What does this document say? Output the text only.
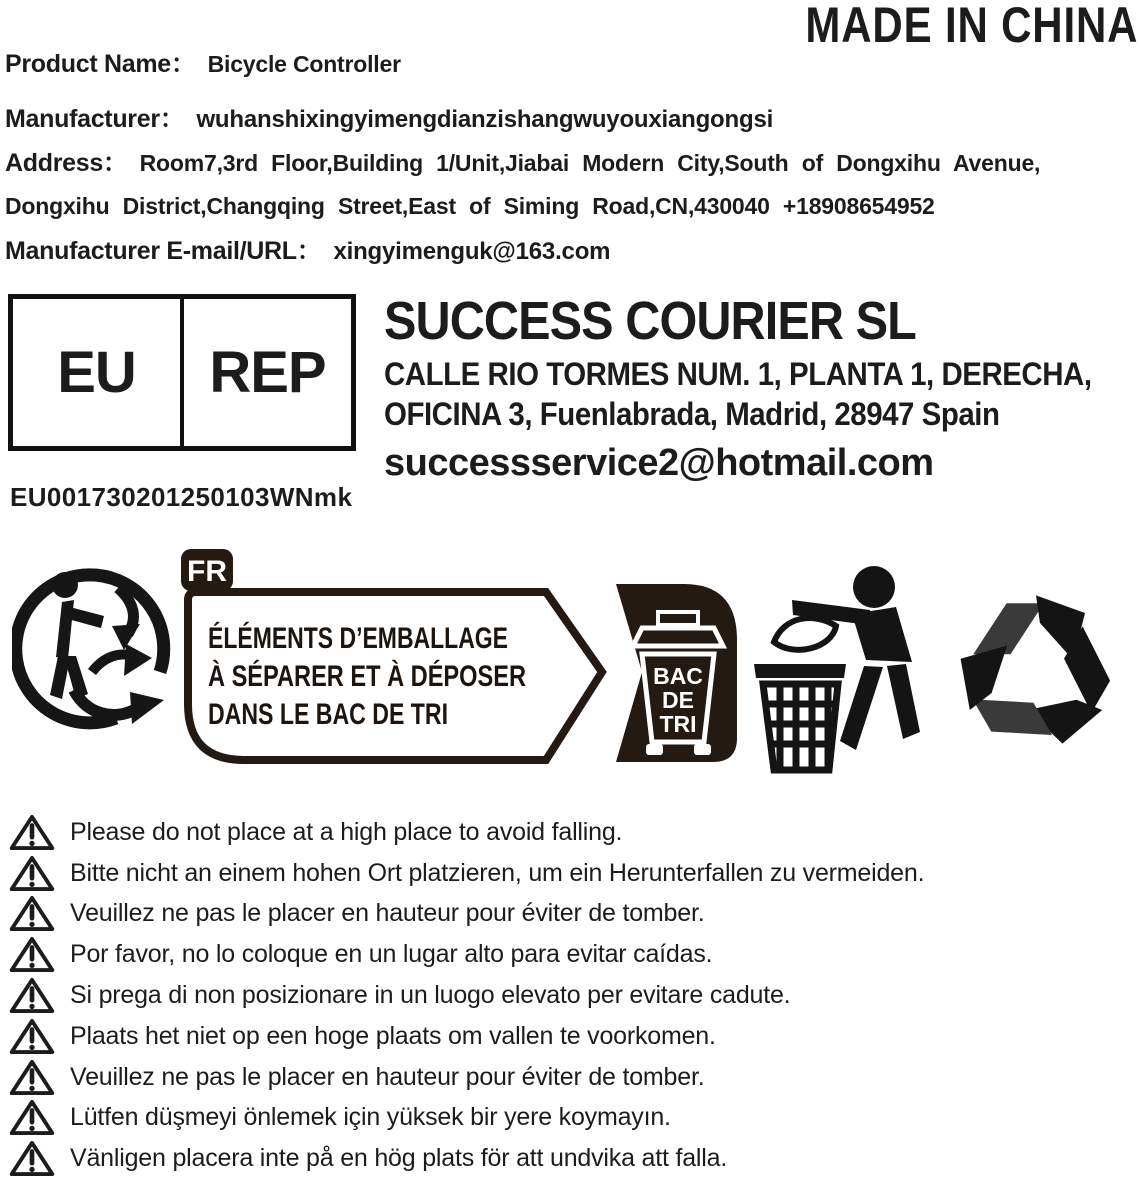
MADE IN CHINA
Product Name： Bicycle Controller
Manufacturer： wuhanshixingyimengdianzishangwuyouxiangongsi
Address： Room7,3rd Floor,Building 1/Unit,Jiabai Modern City,South of Dongxihu Avenue,
Dongxihu District,Changqing Street,East of Siming Road,CN,430040 +18908654952
Manufacturer E-mail/URL： xingyimenguk@163.com
EU	REP
EU001730201250103WNmk
SUCCESS COURIER SL
CALLE RIO TORMES NUM. 1, PLANTA 1, DERECHA,
OFICINA 3, Fuenlabrada, Madrid, 28947 Spain
successservice2@hotmail.com
FR
ÉLÉMENTS D’EMBALLAGE
À SÉPARER ET À DÉPOSER
DANS LE BAC DE TRI
BAC
DE
TRI
Please do not place at a high place to avoid falling.
Bitte nicht an einem hohen Ort platzieren, um ein Herunterfallen zu vermeiden.
Veuillez ne pas le placer en hauteur pour éviter de tomber.
Por favor, no lo coloque en un lugar alto para evitar caídas.
Si prega di non posizionare in un luogo elevato per evitare cadute.
Plaats het niet op een hoge plaats om vallen te voorkomen.
Veuillez ne pas le placer en hauteur pour éviter de tomber.
Lütfen düşmeyi önlemek için yüksek bir yere koymayın.
Vänligen placera inte på en hög plats för att undvika att falla.
